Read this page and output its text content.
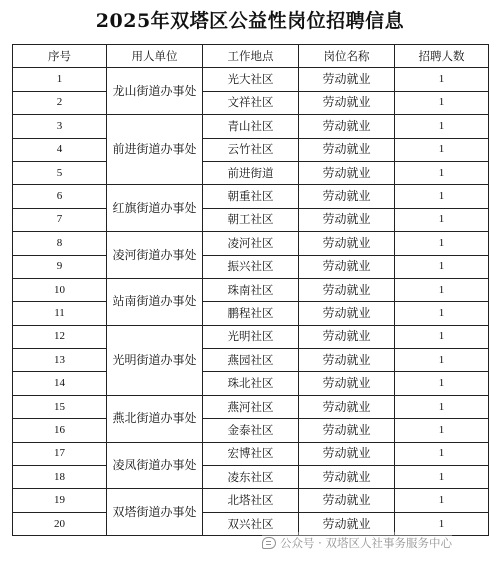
2025年双塔区公益性岗位招聘信息
序号	用人单位	工作地点	岗位名称	招聘人数
1	龙山街道办事处	光大社区	劳动就业	1
2		文祥社区	劳动就业	1
3	前进街道办事处	青山社区	劳动就业	1
4		云竹社区	劳动就业	1
5		前进街道	劳动就业	1
6	红旗街道办事处	朝重社区	劳动就业	1
7		朝工社区	劳动就业	1
8	凌河街道办事处	凌河社区	劳动就业	1
9		振兴社区	劳动就业	1
10	站南街道办事处	珠南社区	劳动就业	1
11		鹏程社区	劳动就业	1
12	光明街道办事处	光明社区	劳动就业	1
13		燕园社区	劳动就业	1
14		珠北社区	劳动就业	1
15	燕北街道办事处	燕河社区	劳动就业	1
16		金泰社区	劳动就业	1
17	凌凤街道办事处	宏博社区	劳动就业	1
18		凌东社区	劳动就业	1
19	双塔街道办事处	北塔社区	劳动就业	1
20		双兴社区	劳动就业	1
公众号 · 双塔区人社事务服务中心
